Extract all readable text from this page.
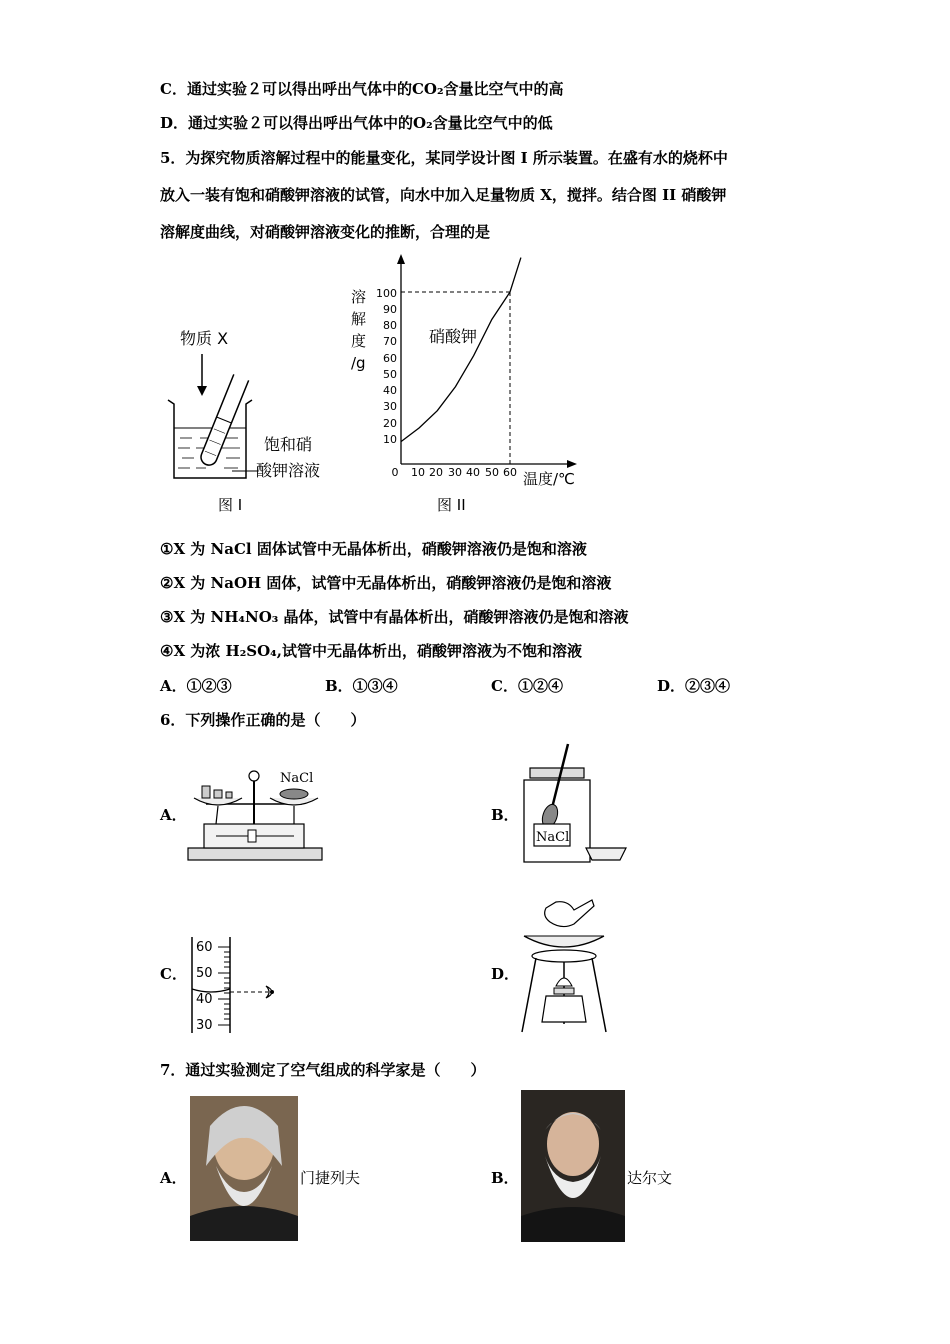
C．通过实验２可以得出呼出气体中的CO₂含量比空气中的高
D．通过实验２可以得出呼出气体中的O₂含量比空气中的低
5．为探究物质溶解过程中的能量变化，某同学设计图 I 所示装置。在盛有水的烧杯中
放入一装有饱和硝酸钾溶液的试管，向水中加入足量物质 X，搅拌。结合图 II 硝酸钾
溶解度曲线，对硝酸钾溶液变化的推断，合理的是
物质 X
饱和硝
酸钾溶液
图 I
溶
解
度
/g
100
90
80
70
60
50
40
30
20
10
0 10 20 30 40 50 60 温度/℃
硝酸钾
图 II
①X 为 NaCl 固体试管中无晶体析出，硝酸钾溶液仍是饱和溶液
②X 为 NaOH 固体，试管中无晶体析出，硝酸钾溶液仍是饱和溶液
③X 为 NH₄NO₃ 晶体，试管中有晶体析出，硝酸钾溶液仍是饱和溶液
④X 为浓 H₂SO₄,试管中无晶体析出，硝酸钾溶液为不饱和溶液
A．①②③	B．①③④	C．①②④	D．②③④
6．下列操作正确的是（　　）
A．
NaCl
B．
NaCl
C．
60
50
40
30
D．
7．通过实验测定了空气组成的科学家是（　　）
A．	门捷列夫	B．	达尔文
